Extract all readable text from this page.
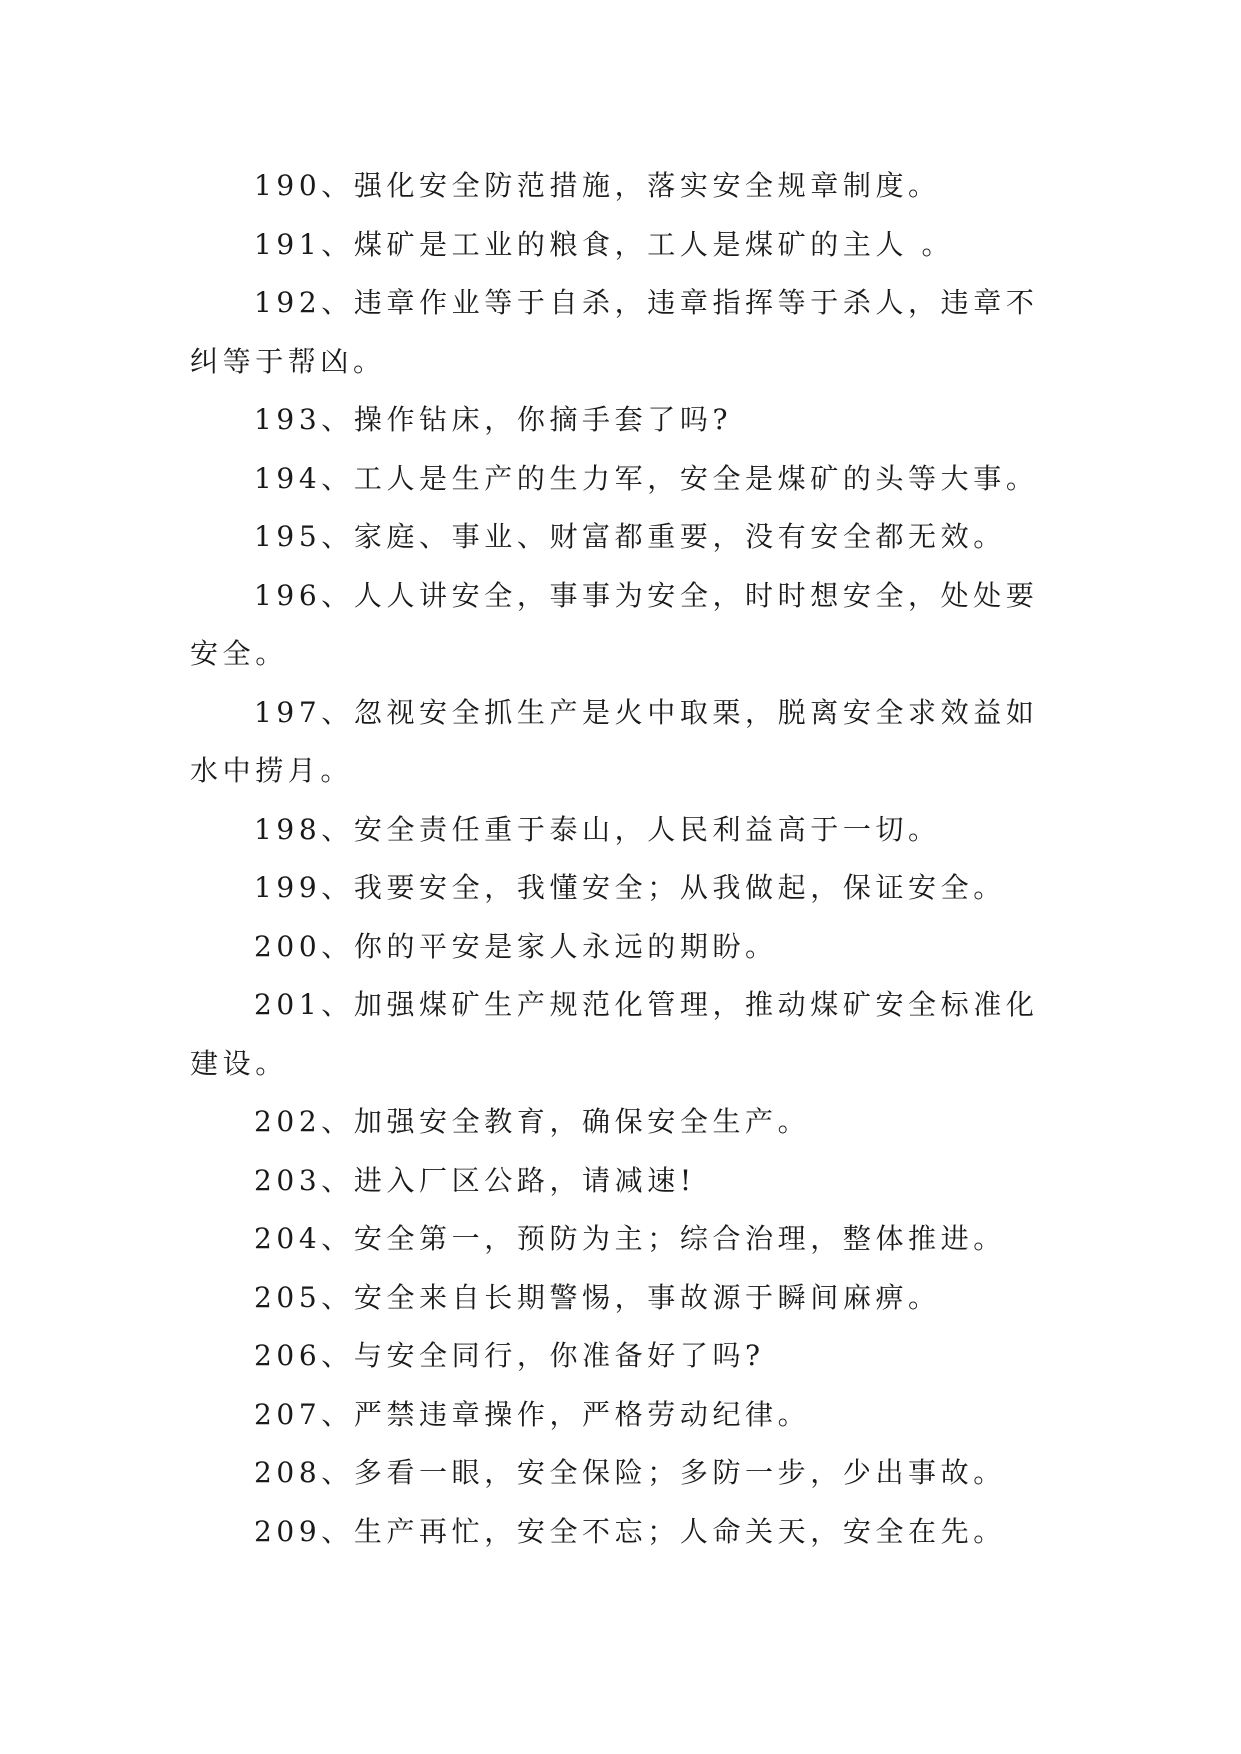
190、强化安全防范措施，落实安全规章制度。

191、煤矿是工业的粮食，工人是煤矿的主人 。

192、违章作业等于自杀，违章指挥等于杀人，违章不纠等于帮凶。

193、操作钻床，你摘手套了吗?

194、工人是生产的生力军，安全是煤矿的头等大事。

195、家庭、事业、财富都重要，没有安全都无效。

196、人人讲安全，事事为安全，时时想安全，处处要安全。

197、忽视安全抓生产是火中取栗，脱离安全求效益如水中捞月。

198、安全责任重于泰山，人民利益高于一切。

199、我要安全，我懂安全；从我做起，保证安全。

200、你的平安是家人永远的期盼。

201、加强煤矿生产规范化管理，推动煤矿安全标准化建设。

202、加强安全教育，确保安全生产。

203、进入厂区公路，请减速!

204、安全第一，预防为主；综合治理，整体推进。

205、安全来自长期警惕，事故源于瞬间麻痹。

206、与安全同行，你准备好了吗?

207、严禁违章操作，严格劳动纪律。

208、多看一眼，安全保险；多防一步，少出事故。

209、生产再忙，安全不忘；人命关天，安全在先。
